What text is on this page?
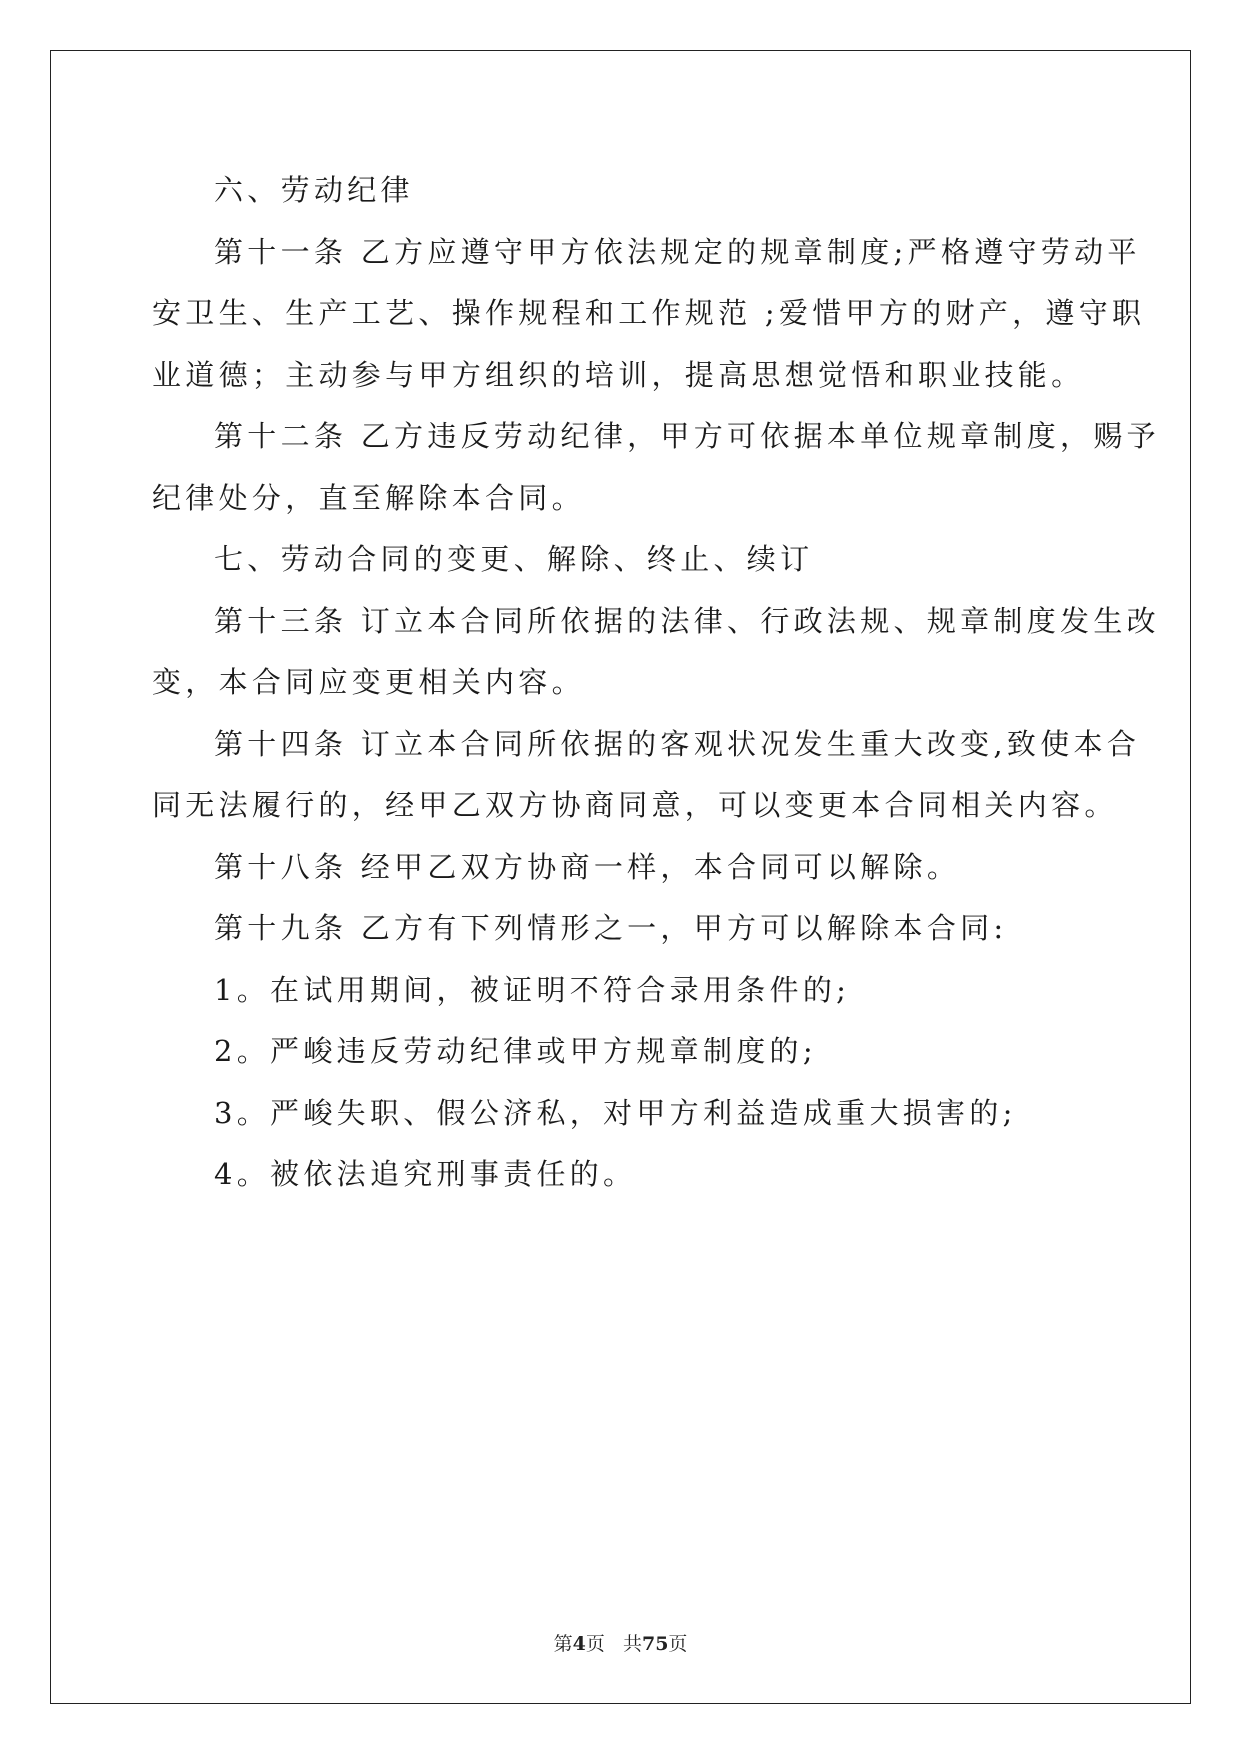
六、劳动纪律

第十一条 乙方应遵守甲方依法规定的规章制度;严格遵守劳动平

安卫生、生产工艺、操作规程和工作规范 ;爱惜甲方的财产，遵守职

业道德；主动参与甲方组织的培训，提高思想觉悟和职业技能。

第十二条 乙方违反劳动纪律，甲方可依据本单位规章制度，赐予

纪律处分，直至解除本合同。

七、劳动合同的变更、解除、终止、续订

第十三条 订立本合同所依据的法律、行政法规、规章制度发生改

变，本合同应变更相关内容。

第十四条 订立本合同所依据的客观状况发生重大改变,致使本合

同无法履行的，经甲乙双方协商同意，可以变更本合同相关内容。

第十八条 经甲乙双方协商一样，本合同可以解除。

第十九条 乙方有下列情形之一，甲方可以解除本合同:

1。在试用期间，被证明不符合录用条件的;

2。严峻违反劳动纪律或甲方规章制度的;

3。严峻失职、假公济私，对甲方利益造成重大损害的;

4。被依法追究刑事责任的。

第4页 共75页
